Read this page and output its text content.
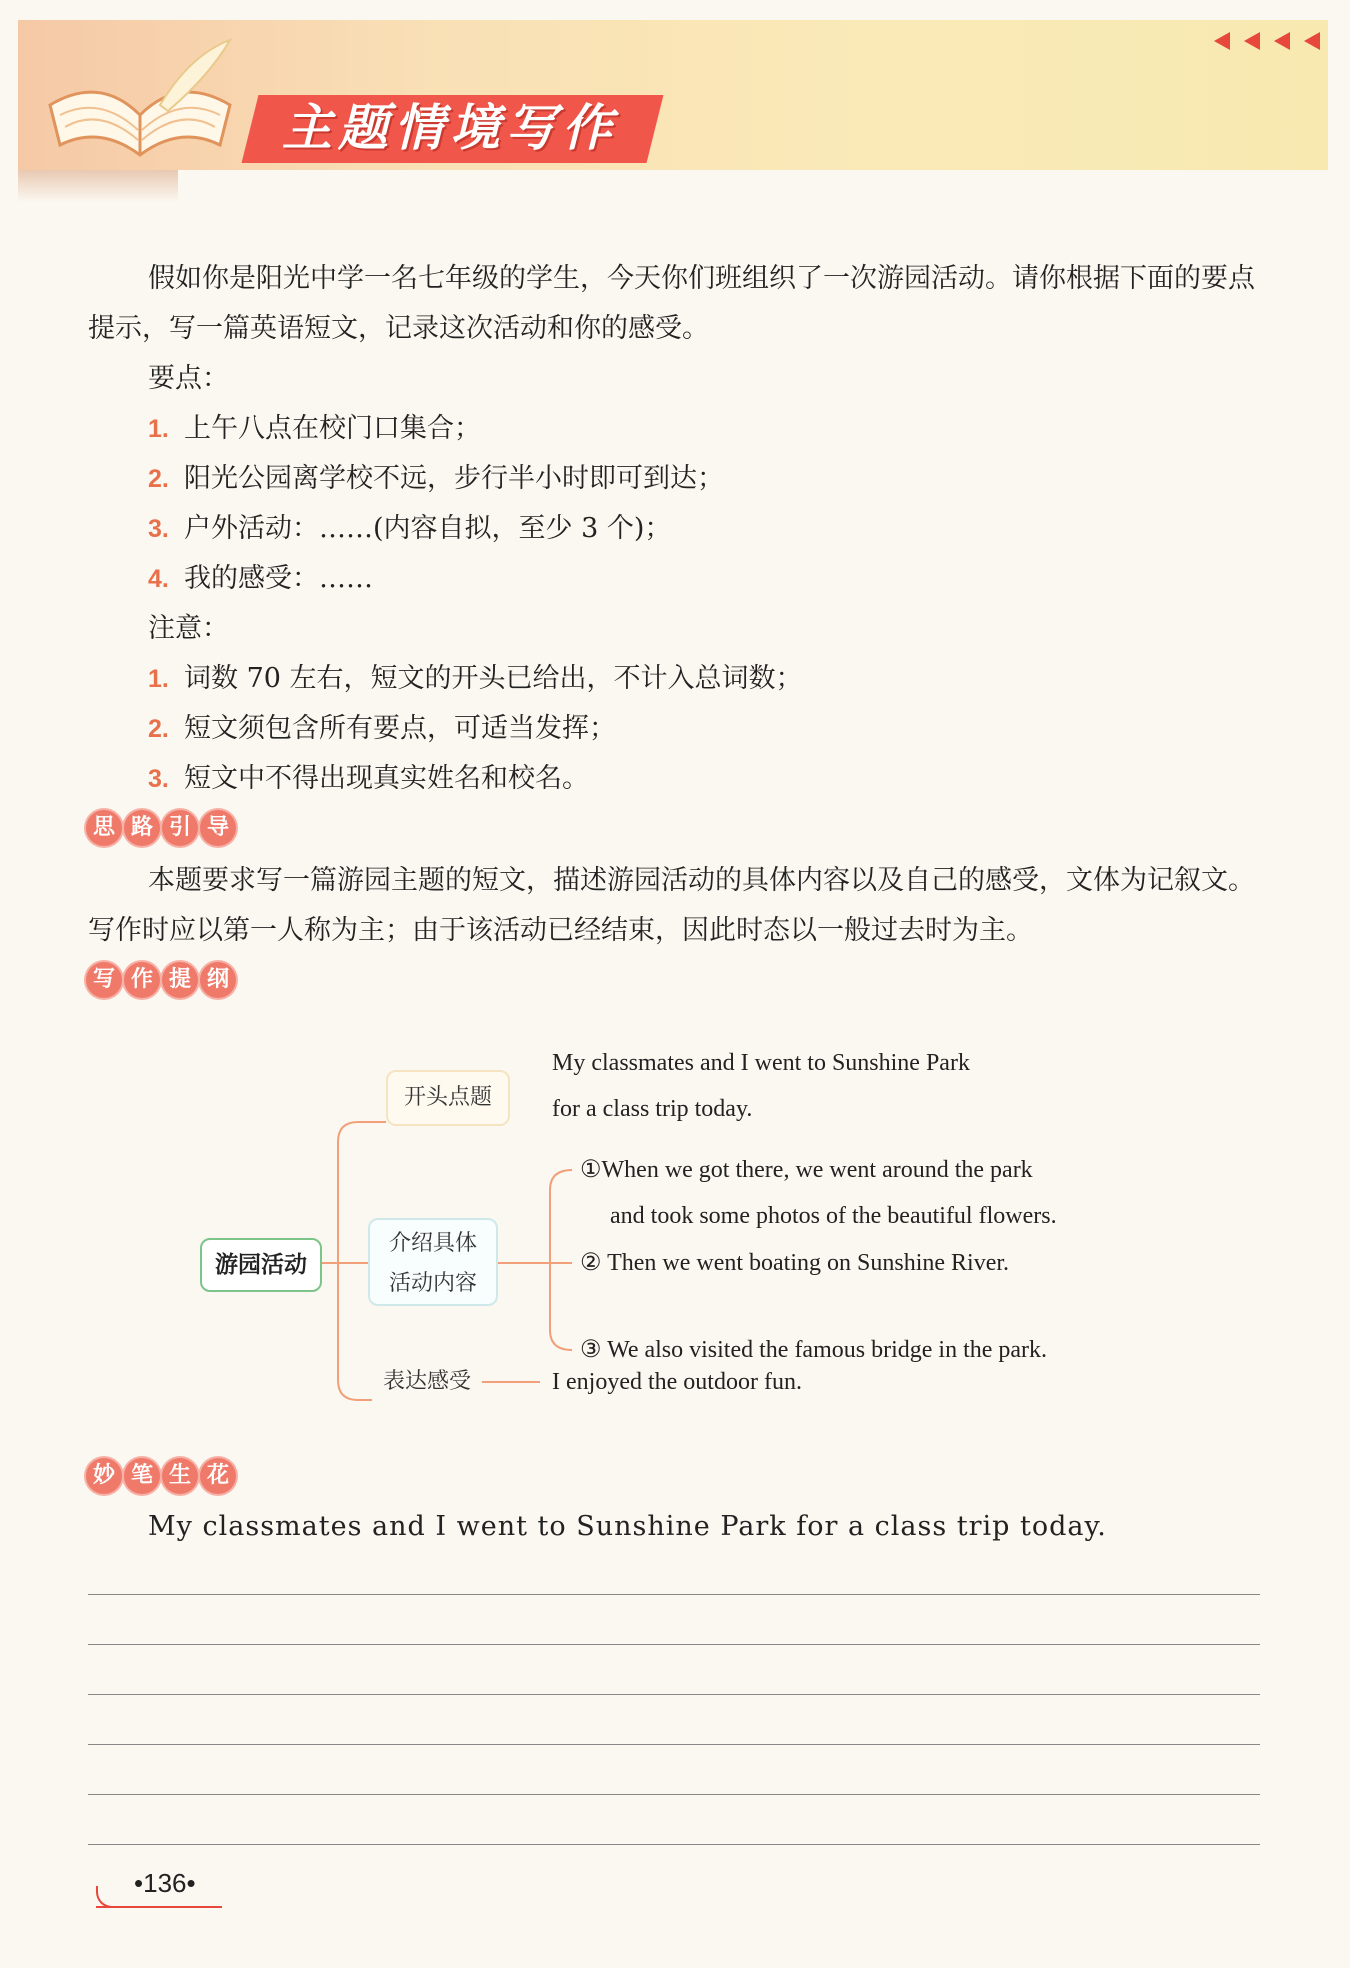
主题情境写作
假如你是阳光中学一名七年级的学生，今天你们班组织了一次游园活动。请你根据下面的要点提示，写一篇英语短文，记录这次活动和你的感受。
要点：
1. 上午八点在校门口集合；
2. 阳光公园离学校不远，步行半小时即可到达；
3. 户外活动：……(内容自拟，至少 3 个)；
4. 我的感受：……
注意：
1. 词数 70 左右，短文的开头已给出，不计入总词数；
2. 短文须包含所有要点，可适当发挥；
3. 短文中不得出现真实姓名和校名。
思 路 引 导
本题要求写一篇游园主题的短文，描述游园活动的具体内容以及自己的感受，文体为记叙文。写作时应以第一人称为主；由于该活动已经结束，因此时态以一般过去时为主。
写 作 提 纲
游园活动
开头点题
介绍具体
活动内容
表达感受
My classmates and I went to Sunshine Park
for a class trip today.
①When we got there, we went around the park
and took some photos of the beautiful flowers.
② Then we went boating on Sunshine River.
③ We also visited the famous bridge in the park.
I enjoyed the outdoor fun.
妙 笔 生 花
My classmates and I went to Sunshine Park for a class trip today.
•136•
